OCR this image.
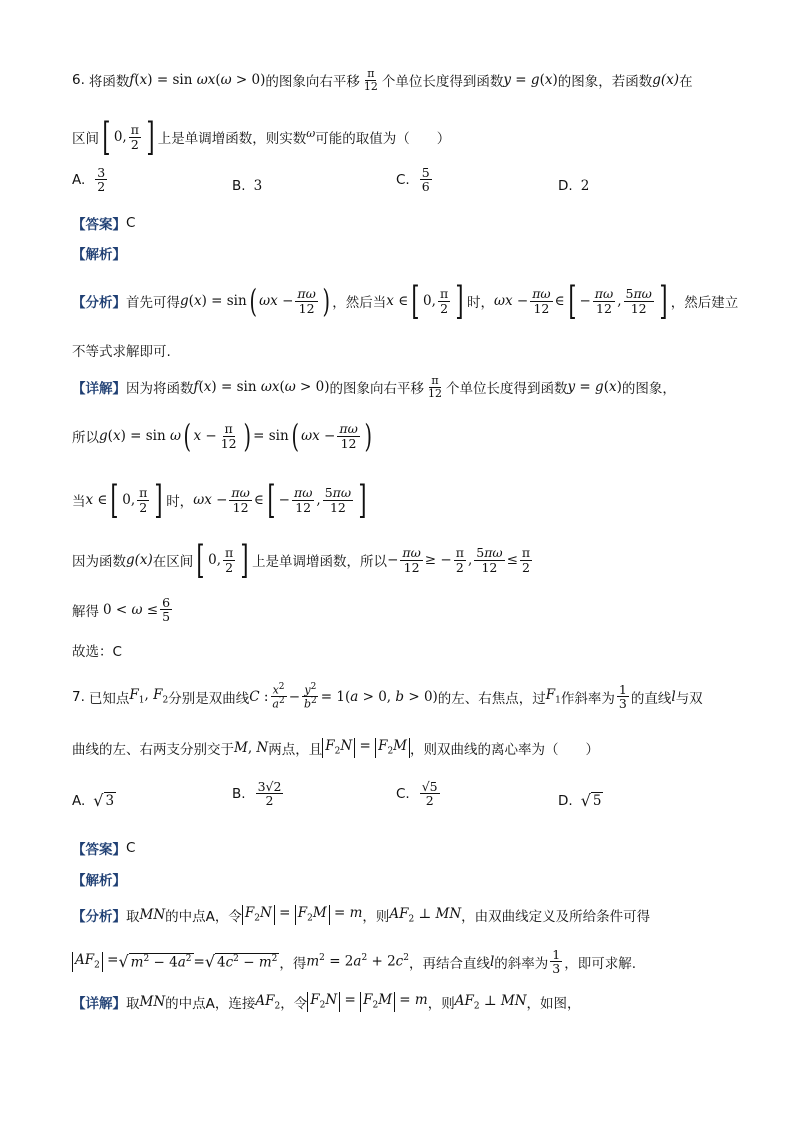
6. 将函数 f(x) = sin ωx(ω > 0) 的图象向右平移 $\frac{\pi}{12}$ 个单位长度得到函数 y = g(x) 的图象，若函数 g(x) 在
区间 [ 0, $\frac{\pi}{2}$ ] 上是单调增函数，则实数 ω 可能的取值为（　　）
A. $\frac{3}{2}$	B. 3	C. $\frac{5}{6}$	D. 2
【答案】 C
【解析】
【分析】 首先可得 g(x) = sin ( $\omega x - \frac{\pi\omega}{12}$ ) ，然后当 x ∈ [ 0, $\frac{\pi}{2}$ ] 时， $\omega x - \frac{\pi\omega}{12}$ ∈ [ − $\frac{\pi\omega}{12}$ , $\frac{5\pi\omega}{12}$ ] ，然后建立
不等式求解即可.
【详解】 因为将函数 f(x) = sin ωx(ω > 0) 的图象向右平移 $\frac{\pi}{12}$ 个单位长度得到函数 y = g(x) 的图象，
所以 g(x) = sin ω ( $x - \frac{\pi}{12}$ ) = sin ( $\omega x - \frac{\pi\omega}{12}$ )
当 x ∈ [ 0, $\frac{\pi}{2}$ ] 时， $\omega x - \frac{\pi\omega}{12}$ ∈ [ − $\frac{\pi\omega}{12}$ , $\frac{5\pi\omega}{12}$ ]
因为函数 g(x) 在区间 [ 0, $\frac{\pi}{2}$ ] 上是单调增函数，所以 − $\frac{\pi\omega}{12}$ ≥ − $\frac{\pi}{2}$ , $\frac{5\pi\omega}{12} \le \frac{\pi}{2}$
解得 $0 < \omega \le \frac{6}{5}$
故选：C
7. 已知点 $F_1$, $F_2$ 分别是双曲线 C : $\frac{x^2}{a^2} - \frac{y^2}{b^2} = 1(a > 0$, b > 0) 的左、右焦点，过 $F_1$ 作斜率为 $\frac{1}{3}$ 的直线 l 与双
曲线的左、右两支分别交于 M, N 两点，且 $F_2N = F_2M$ ，则双曲线的离心率为（　　）
A. √ 3	B. $\frac{3√2}{2}$	C. $\frac{√5}{2}$	D. √ 5
【答案】 C
【解析】
【分析】 取 MN 的中点A，令 $F_2N = F_2M = m$ ，则 $AF_2$ ⊥ MN ，由双曲线定义及所给条件可得
$AF_2$ = √ $m^2 - 4a^2$ = √ $4c^2 - m^2$ ，得 $m^2 = 2a^2 + 2c^2$ ，再结合直线 l 的斜率为 $\frac{1}{3}$ ，即可求解.
【详解】 取 MN 的中点A，连接 $AF_2$ ，令 $F_2N = F_2M = m$ ，则 $AF_2$ ⊥ MN ，如图，
